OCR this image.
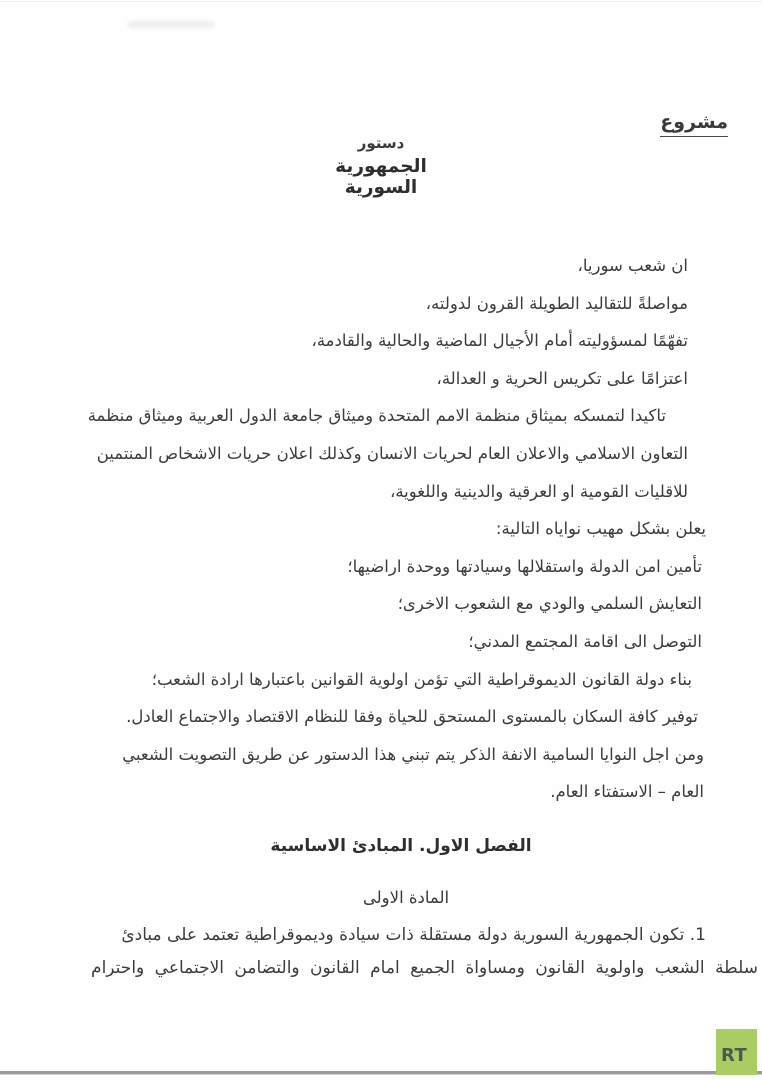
مشروع
دستور
الجمهورية السورية
ان شعب سوريا،
مواصلةً للتقاليد الطويلة القرون لدولته،
تفهّمًا لمسؤوليته أمام الأجيال الماضية والحالية والقادمة،
اعتزامًا على تكريس الحرية و العدالة،
تاكيدا لتمسكه بميثاق منظمة الامم المتحدة وميثاق جامعة الدول العربية وميثاق منظمة
التعاون الاسلامي والاعلان العام لحريات الانسان وكذلك اعلان حريات الاشخاص المنتمين
للاقليات القومية او العرقية والدينية واللغوية،
يعلن بشكل مهيب نواياه التالية:
تأمين امن الدولة واستقلالها وسيادتها ووحدة اراضيها؛
التعايش السلمي والودي مع الشعوب الاخرى؛
التوصل الى اقامة المجتمع المدني؛
بناء دولة القانون الديموقراطية التي تؤمن اولوية القوانين باعتبارها ارادة الشعب؛
توفير كافة السكان بالمستوى المستحق للحياة وفقا للنظام الاقتصاد والاجتماع العادل.
ومن اجل النوايا السامية الانفة الذكر يتم تبني هذا الدستور عن طريق التصويت الشعبي
العام – الاستفتاء العام.
الفصل الاول. المبادئ الاساسية
المادة الاولى
1. تكون الجمهورية السورية دولة مستقلة ذات سيادة وديموقراطية تعتمد على مبادئ
سلطة الشعب واولوية القانون ومساواة الجميع امام القانون والتضامن الاجتماعي واحترام
RT
